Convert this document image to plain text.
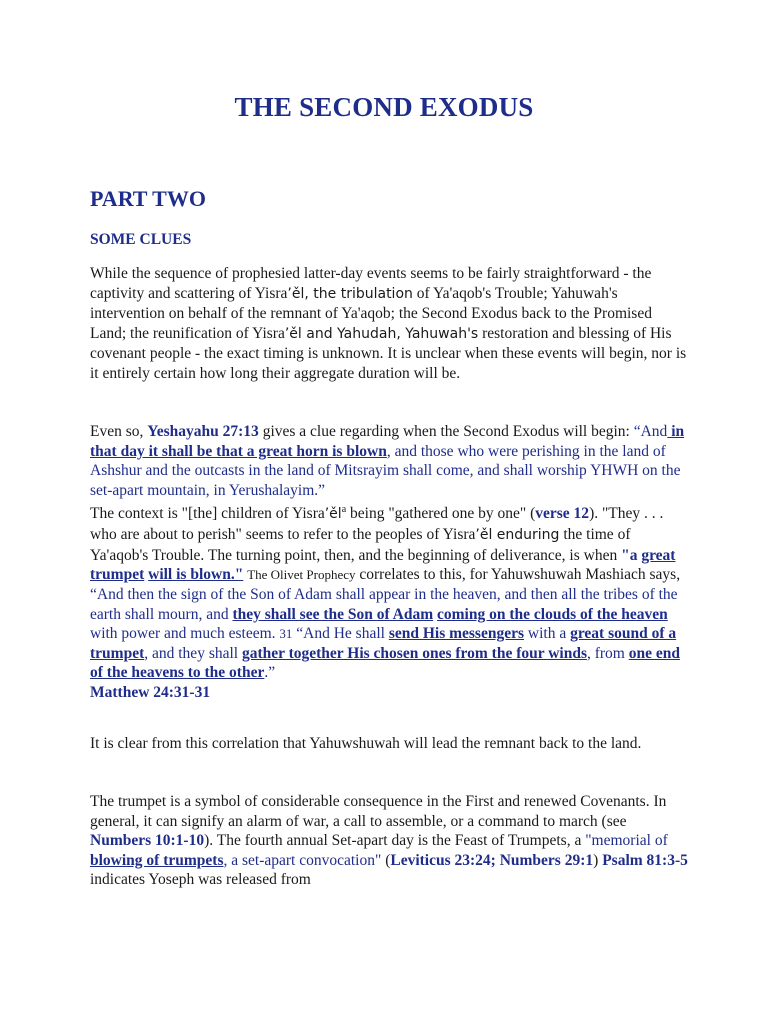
THE SECOND EXODUS
PART TWO
SOME CLUES

While the sequence of prophesied latter-day events seems to be fairly straightforward - the captivity and scattering of Yisra’ěl, the tribulation of Ya'aqob's Trouble; Yahuwah's intervention on behalf of the remnant of Ya'aqob; the Second Exodus back to the Promised Land; the reunification of Yisra’ěl and Yahudah, Yahuwah's restoration and blessing of His covenant people - the exact timing is unknown. It is unclear when these events will begin, nor is it entirely certain how long their aggregate duration will be.

Even so, Yeshayahu 27:13 gives a clue regarding when the Second Exodus will begin: “And in that day it shall be that a great horn is blown, and those who were perishing in the land of Ashshur and the outcasts in the land of Mitsrayim shall come, and shall worship YHWH on the set-apart mountain, in Yerushalayim.”
The context is "[the] children of $Yisra’ěl^a$ being "gathered one by one" (verse 12). "They . . . who are about to perish" seems to refer to the peoples of Yisra’ěl enduring the time of Ya'aqob's Trouble. The turning point, then, and the beginning of deliverance, is when "a great trumpet will is blown." The Olivet Prophecy correlates to this, for Yahuwshuwah Mashiach says,
“And then the sign of the Son of Adam shall appear in the heaven, and then all the tribes of the earth shall mourn, and they shall see the Son of Adam coming on the clouds of the heaven with power and much esteem. 31 “And He shall send His messengers with a great sound of a trumpet, and they shall gather together His chosen ones from the four winds, from one end of the heavens to the other.”
Matthew 24:31-31

It is clear from this correlation that Yahuwshuwah will lead the remnant back to the land.

The trumpet is a symbol of considerable consequence in the First and renewed Covenants. In general, it can signify an alarm of war, a call to assemble, or a command to march (see Numbers 10:1-10). The fourth annual Set-apart day is the Feast of Trumpets, a "memorial of blowing of trumpets, a set-apart convocation" (Leviticus 23:24; Numbers 29:1) Psalm 81:3-5 indicates Yoseph was released from
